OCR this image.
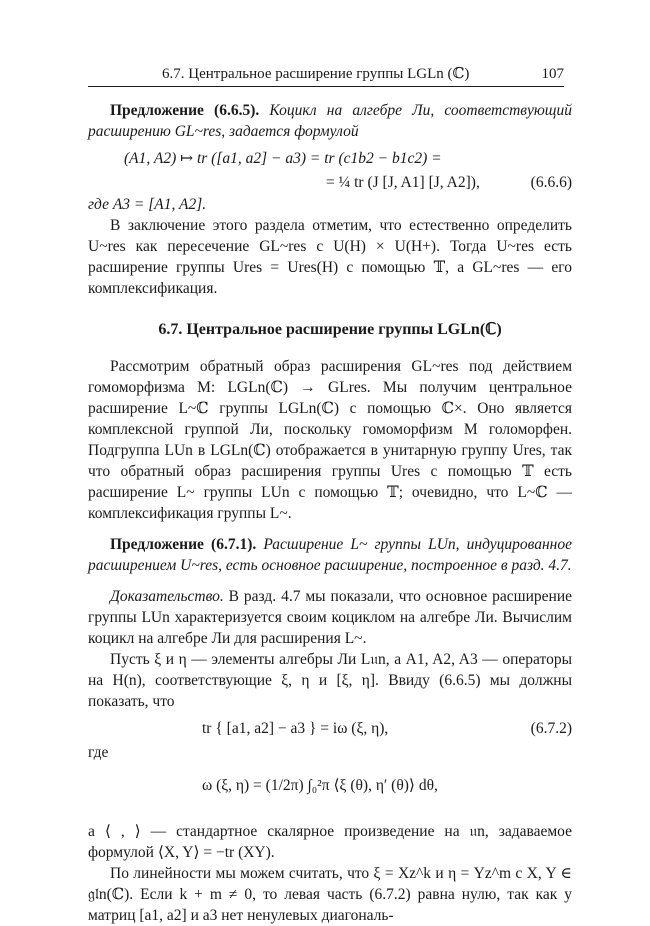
6.7. Центральное расширение группы LGLn (ℂ)	107

Предложение (6.6.5). Коцикл на алгебре Ли, соответствующий расширению GL~res, задается формулой

(A1, A2) ↦ tr ([a1, a2] − a3) = tr (c1b2 − b1c2) =
= ¼ tr (J [J, A1] [J, A2]),	(6.6.6)

где A3 = [A1, A2].

В заключение этого раздела отметим, что естественно определить U~res как пересечение GL~res с U(H) × U(H+). Тогда U~res есть расширение группы Ures = Ures(H) с помощью 𝕋, а GL~res — его комплексификация.

6.7. Центральное расширение группы LGLn(ℂ)

Рассмотрим обратный образ расширения GL~res под действием гомоморфизма M: LGLn(ℂ) → GLres. Мы получим центральное расширение L~ℂ группы LGLn(ℂ) с помощью ℂ×. Оно является комплексной группой Ли, поскольку гомоморфизм M голоморфен. Подгруппа LUn в LGLn(ℂ) отображается в унитарную группу Ures, так что обратный образ расширения группы Ures с помощью 𝕋 есть расширение L~ группы LUn с помощью 𝕋; очевидно, что L~ℂ — комплексификация группы L~.

Предложение (6.7.1). Расширение L~ группы LUn, индуцированное расширением U~res, есть основное расширение, построенное в разд. 4.7.

Доказательство. В разд. 4.7 мы показали, что основное расширение группы LUn характеризуется своим коциклом на алгебре Ли. Вычислим коцикл на алгебре Ли для расширения L~.

Пусть ξ и η — элементы алгебры Ли L𝔲n, а A1, A2, A3 — операторы на H(n), соответствующие ξ, η и [ξ, η]. Ввиду (6.6.5) мы должны показать, что

tr { [a1, a2] − a3 } = iω (ξ, η),	(6.7.2)

где

ω (ξ, η) = (1/2π) ∫₀²π ⟨ξ (θ), η′ (θ)⟩ dθ,

а ⟨ , ⟩ — стандартное скалярное произведение на 𝔲n, задаваемое формулой ⟨X, Y⟩ = −tr (XY).

По линейности мы можем считать, что ξ = Xz^k и η = Yz^m с X, Y ∈ 𝔤𝔩n(ℂ). Если k + m ≠ 0, то левая часть (6.7.2) равна нулю, так как у матриц [a1, a2] и a3 нет ненулевых диагональ-
